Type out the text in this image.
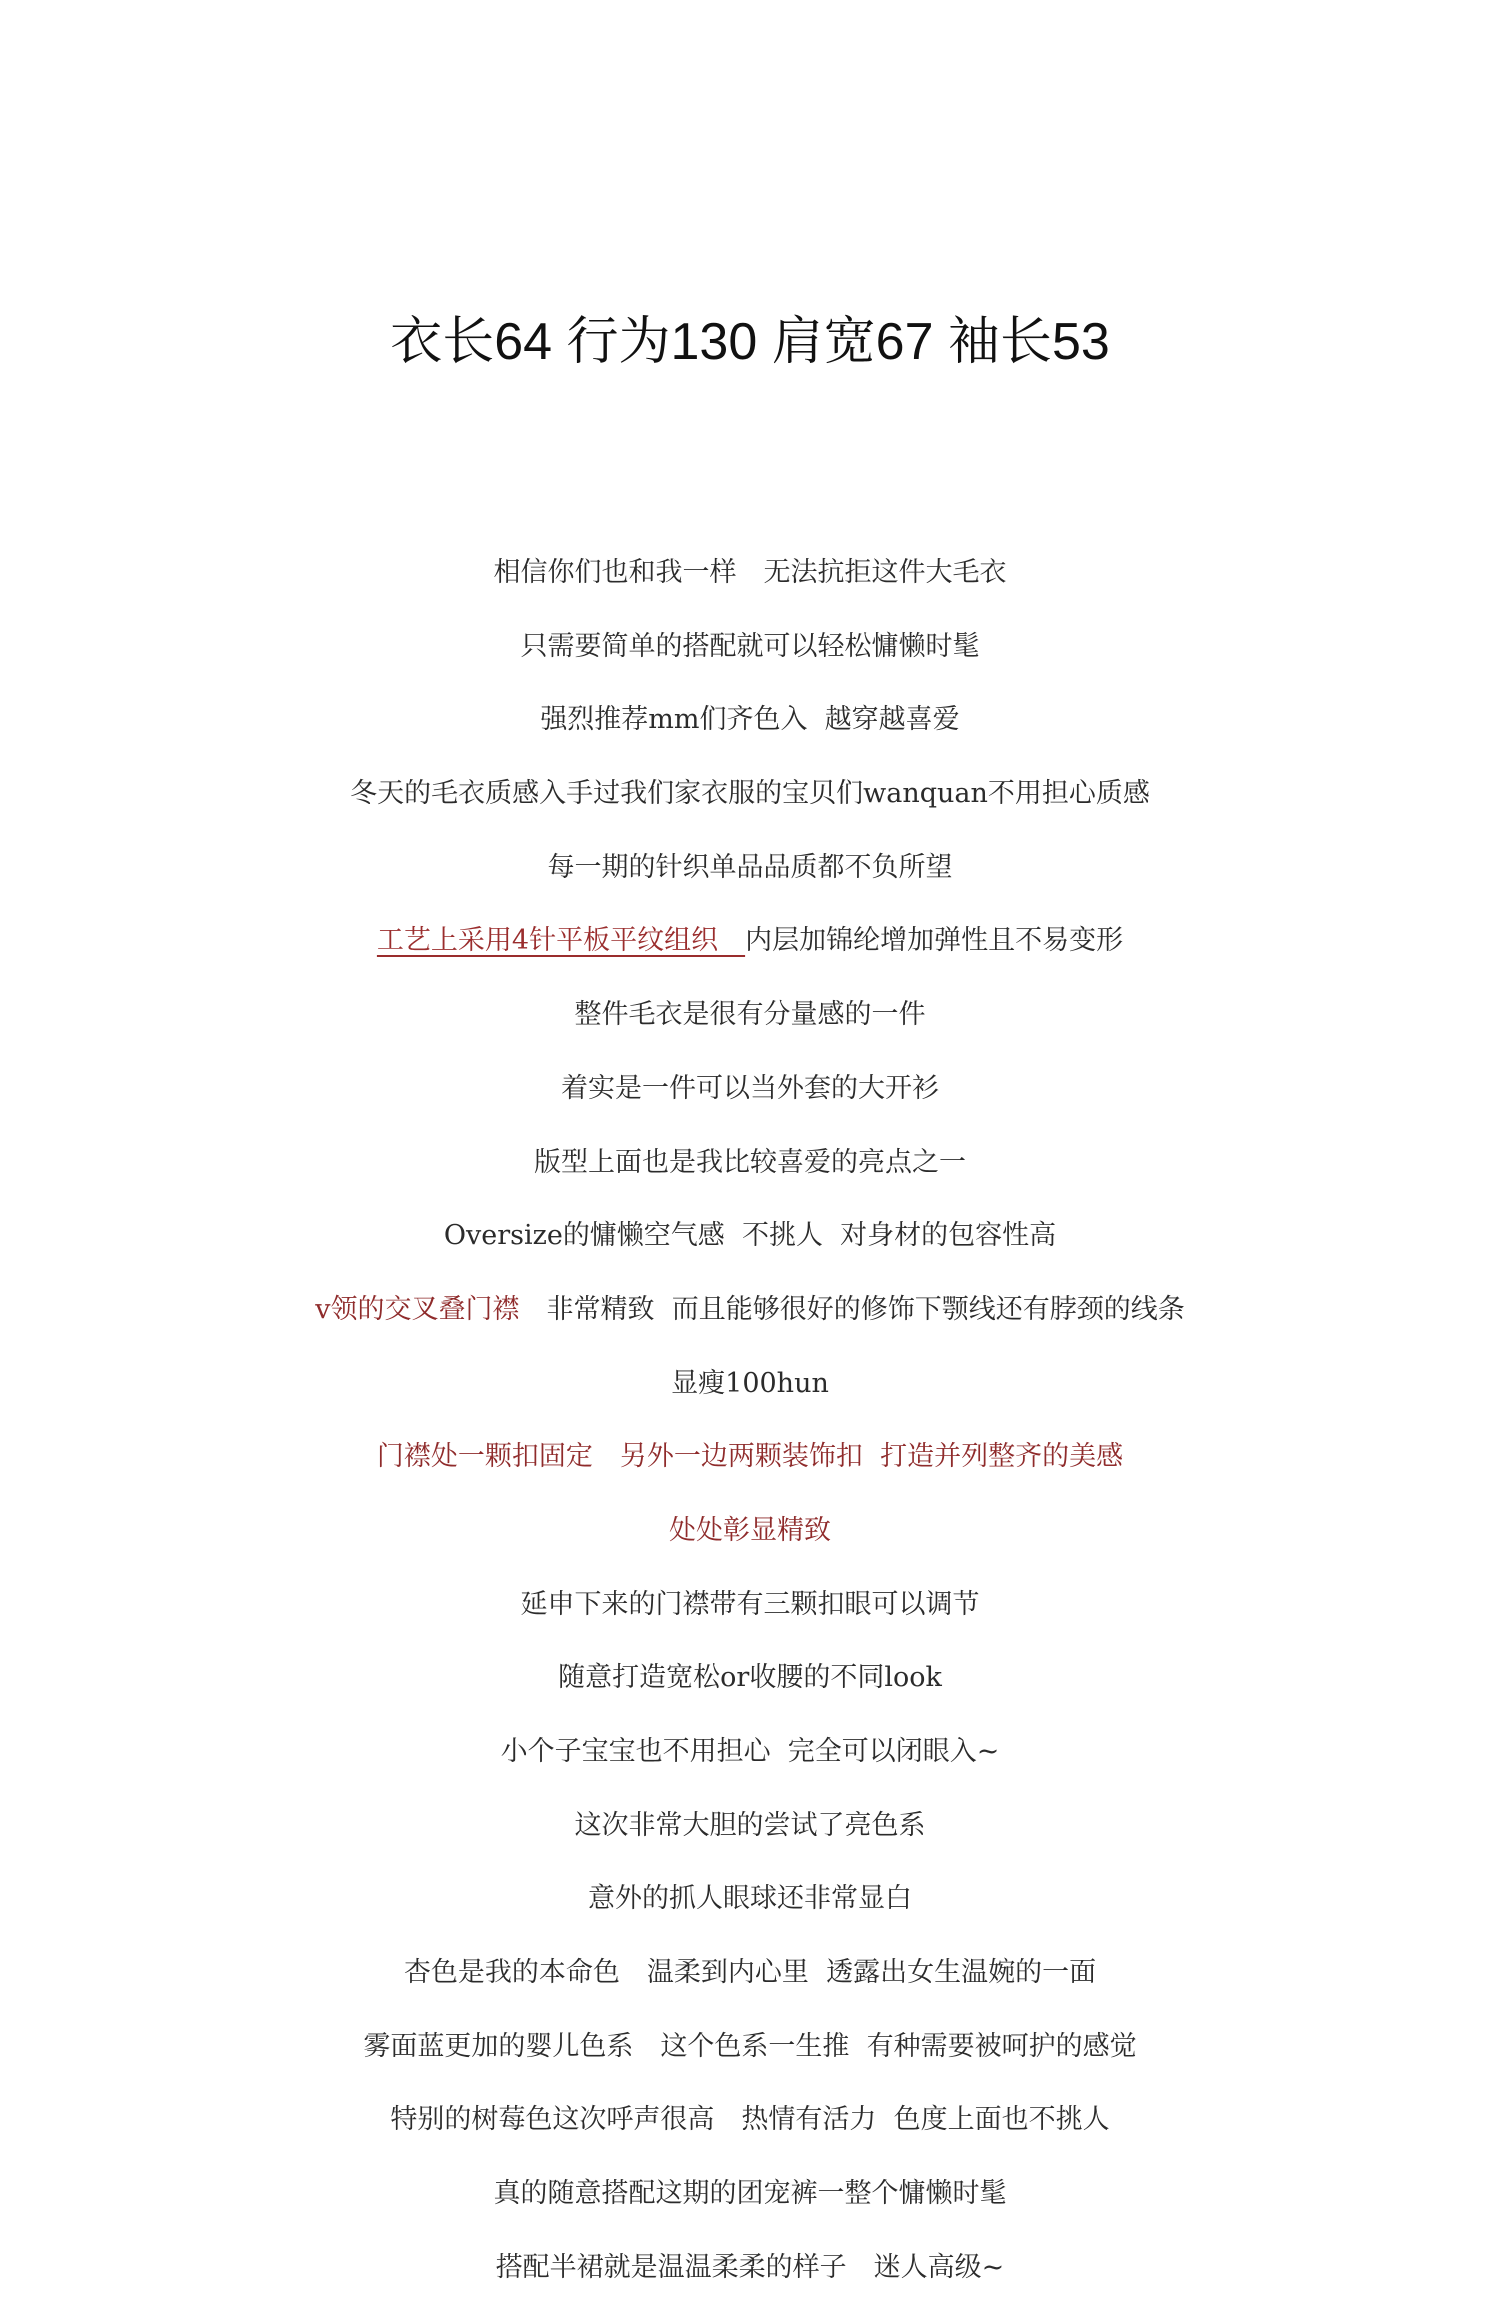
衣长64 行为130 肩宽67 袖长53
相信你们也和我一样　无法抗拒这件大毛衣
只需要简单的搭配就可以轻松慵懒时髦
强烈推荐mm们齐色入  越穿越喜爱
冬天的毛衣质感入手过我们家衣服的宝贝们wanquan不用担心质感
每一期的针织单品品质都不负所望
工艺上采用4针平板平纹组织　内层加锦纶增加弹性且不易变形
整件毛衣是很有分量感的一件
着实是一件可以当外套的大开衫
版型上面也是我比较喜爱的亮点之一
Oversize的慵懒空气感  不挑人  对身材的包容性高
v领的交叉叠门襟　非常精致  而且能够很好的修饰下颚线还有脖颈的线条
显瘦100hun
门襟处一颗扣固定　另外一边两颗装饰扣  打造并列整齐的美感
处处彰显精致
延申下来的门襟带有三颗扣眼可以调节
随意打造宽松or收腰的不同look
小个子宝宝也不用担心  完全可以闭眼入~
这次非常大胆的尝试了亮色系
意外的抓人眼球还非常显白
杏色是我的本命色　温柔到内心里  透露出女生温婉的一面
雾面蓝更加的婴儿色系　这个色系一生推  有种需要被呵护的感觉
特别的树莓色这次呼声很高　热情有活力  色度上面也不挑人
真的随意搭配这期的团宠裤一整个慵懒时髦
搭配半裙就是温温柔柔的样子　迷人高级~
